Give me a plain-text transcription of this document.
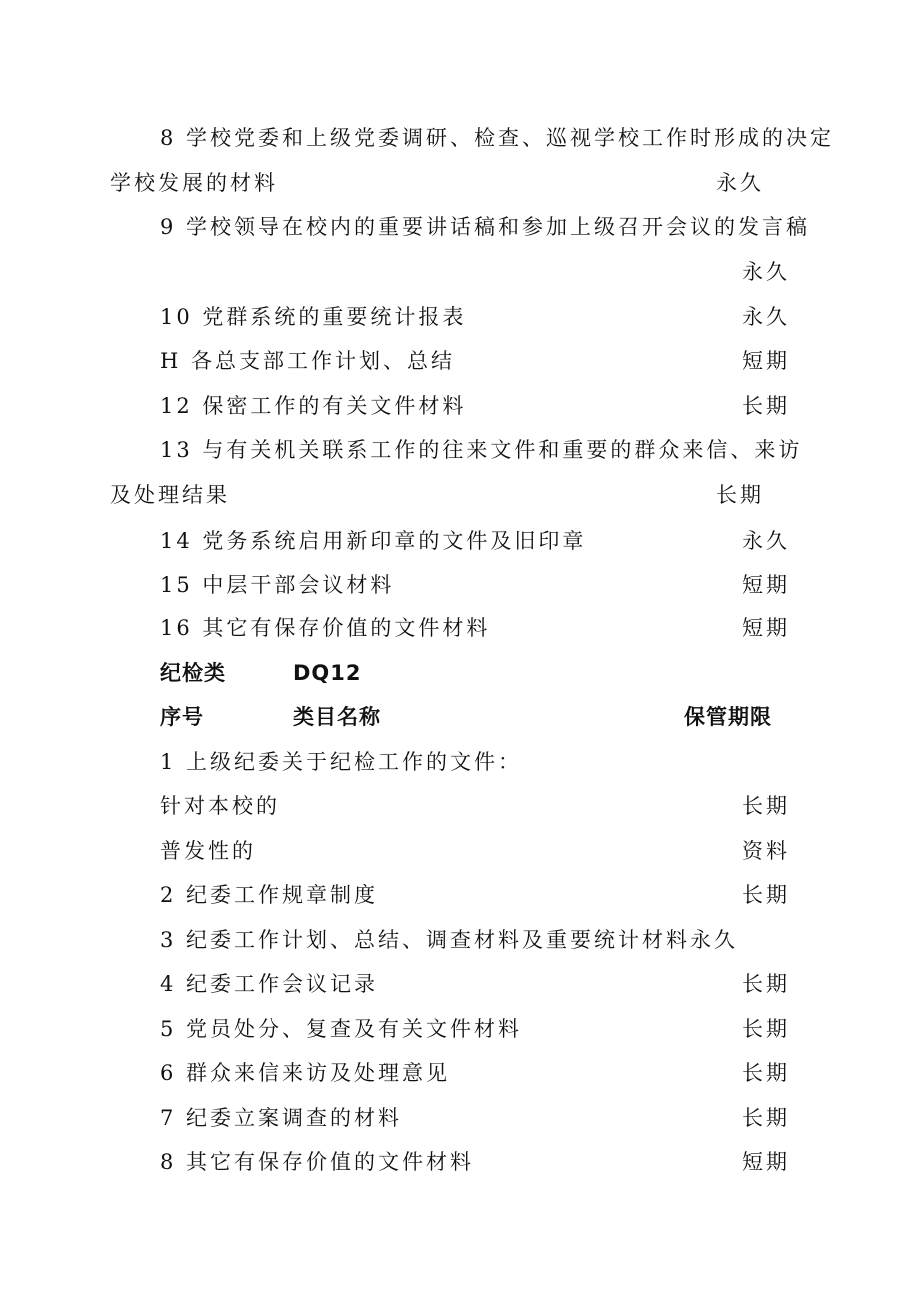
8 学校党委和上级党委调研、检查、巡视学校工作时形成的决定
学校发展的材料	永久
9 学校领导在校内的重要讲话稿和参加上级召开会议的发言稿
永久
10 党群系统的重要统计报表	永久
H 各总支部工作计划、总结	短期
12 保密工作的有关文件材料	长期
13 与有关机关联系工作的往来文件和重要的群众来信、来访
及处理结果	长期
14 党务系统启用新印章的文件及旧印章	永久
15 中层干部会议材料	短期
16 其它有保存价值的文件材料	短期
纪检类	DQ12
序号	类目名称	保管期限
1 上级纪委关于纪检工作的文件：
针对本校的	长期
普发性的	资料
2 纪委工作规章制度	长期
3 纪委工作计划、总结、调查材料及重要统计材料永久
4 纪委工作会议记录	长期
5 党员处分、复查及有关文件材料	长期
6 群众来信来访及处理意见	长期
7 纪委立案调查的材料	长期
8 其它有保存价值的文件材料	短期
